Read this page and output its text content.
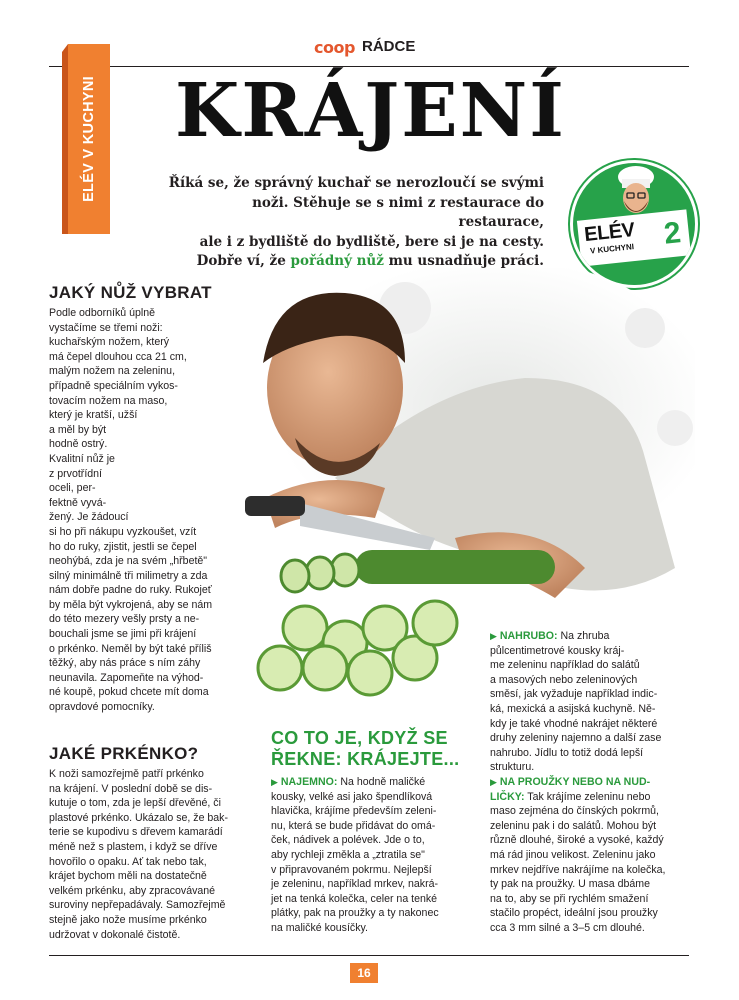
coop RÁDCE
ELÉV V KUCHYNI KRÁJENÍ
Říká se, že správný kuchař se nerozloučí se svými
noži. Stěhuje se s nimi z restaurace do restaurace,
ale i z bydliště do bydliště, bere si je na cesty.
Dobře ví, že pořádný nůž mu usnadňuje práci.
ELÉV
V KUCHYNI 2
JAKÝ NŮŽ VYBRAT
Podle odborníků úplně
vystačíme se třemi noži:
kuchařským nožem, který
má čepel dlouhou cca 21 cm,
malým nožem na zeleninu,
případně speciálním vykos-
tovacím nožem na maso,
který je kratší, užší
a měl by být
hodně ostrý.
Kvalitní nůž je
z prvotřídní
oceli, per-
fektně vyvá-
žený. Je žádoucí
si ho při nákupu vyzkoušet, vzít
ho do ruky, zjistit, jestli se čepel
neohýbá, zda je na svém „hřbetě"
silný minimálně tři milimetry a zda
nám dobře padne do ruky. Rukojeť
by měla být vykrojená, aby se nám
do této mezery vešly prsty a ne-
bouchali jsme se jimi při krájení
o prkénko. Neměl by být také příliš
těžký, aby nás práce s ním záhy
neunavila. Zapomeňte na výhod-
né koupě, pokud chcete mít doma
opravdové pomocníky.
JAKÉ PRKÉNKO?
K noži samozřejmě patří prkénko
na krájení. V poslední době se dis-
kutuje o tom, zda je lepší dřevěné, či
plastové prkénko. Ukázalo se, že bak-
terie se kupodivu s dřevem kamarádí
méně než s plastem, i když se dříve
hovořilo o opaku. Ať tak nebo tak,
krájet bychom měli na dostatečně
velkém prkénku, aby zpracovávané
suroviny nepřepadávaly. Samozřejmě
stejně jako nože musíme prkénko
udržovat v dokonalé čistotě.
CO TO JE, KDYŽ SE
ŘEKNE: KRÁJEJTE...
▶ NAJEMNO: Na hodně maličké
kousky, velké asi jako špendlíková
hlavička, krájíme především zeleni-
nu, která se bude přidávat do omá-
ček, nádivek a polévek. Jde o to,
aby rychleji změkla a „ztratila se"
v připravovaném pokrmu. Nejlepší
je zeleninu, například mrkev, nakrá-
jet na tenká kolečka, celer na tenké
plátky, pak na proužky a ty nakonec
na maličké kousíčky.
▶ NAHRUBO: Na zhruba
půlcentimetrové kousky kráj-
me zeleninu například do salátů
a masových nebo zeleninových
směsí, jak vyžaduje například indic-
ká, mexická a asijská kuchyně. Ně-
kdy je také vhodné nakrájet některé
druhy zeleniny najemno a další zase
nahrubo. Jídlu to totiž dodá lepší
strukturu.
▶ NA PROUŽKY NEBO NA NUD-
LIČKY: Tak krájíme zeleninu nebo
maso zejména do čínských pokrmů,
zeleninu pak i do salátů. Mohou být
různě dlouhé, široké a vysoké, každý
má rád jinou velikost. Zeleninu jako
mrkev nejdříve nakrájíme na kolečka,
ty pak na proužky. U masa dbáme
na to, aby se při rychlém smažení
stačilo propéct, ideální jsou proužky
cca 3 mm silné a 3–5 cm dlouhé.
16
